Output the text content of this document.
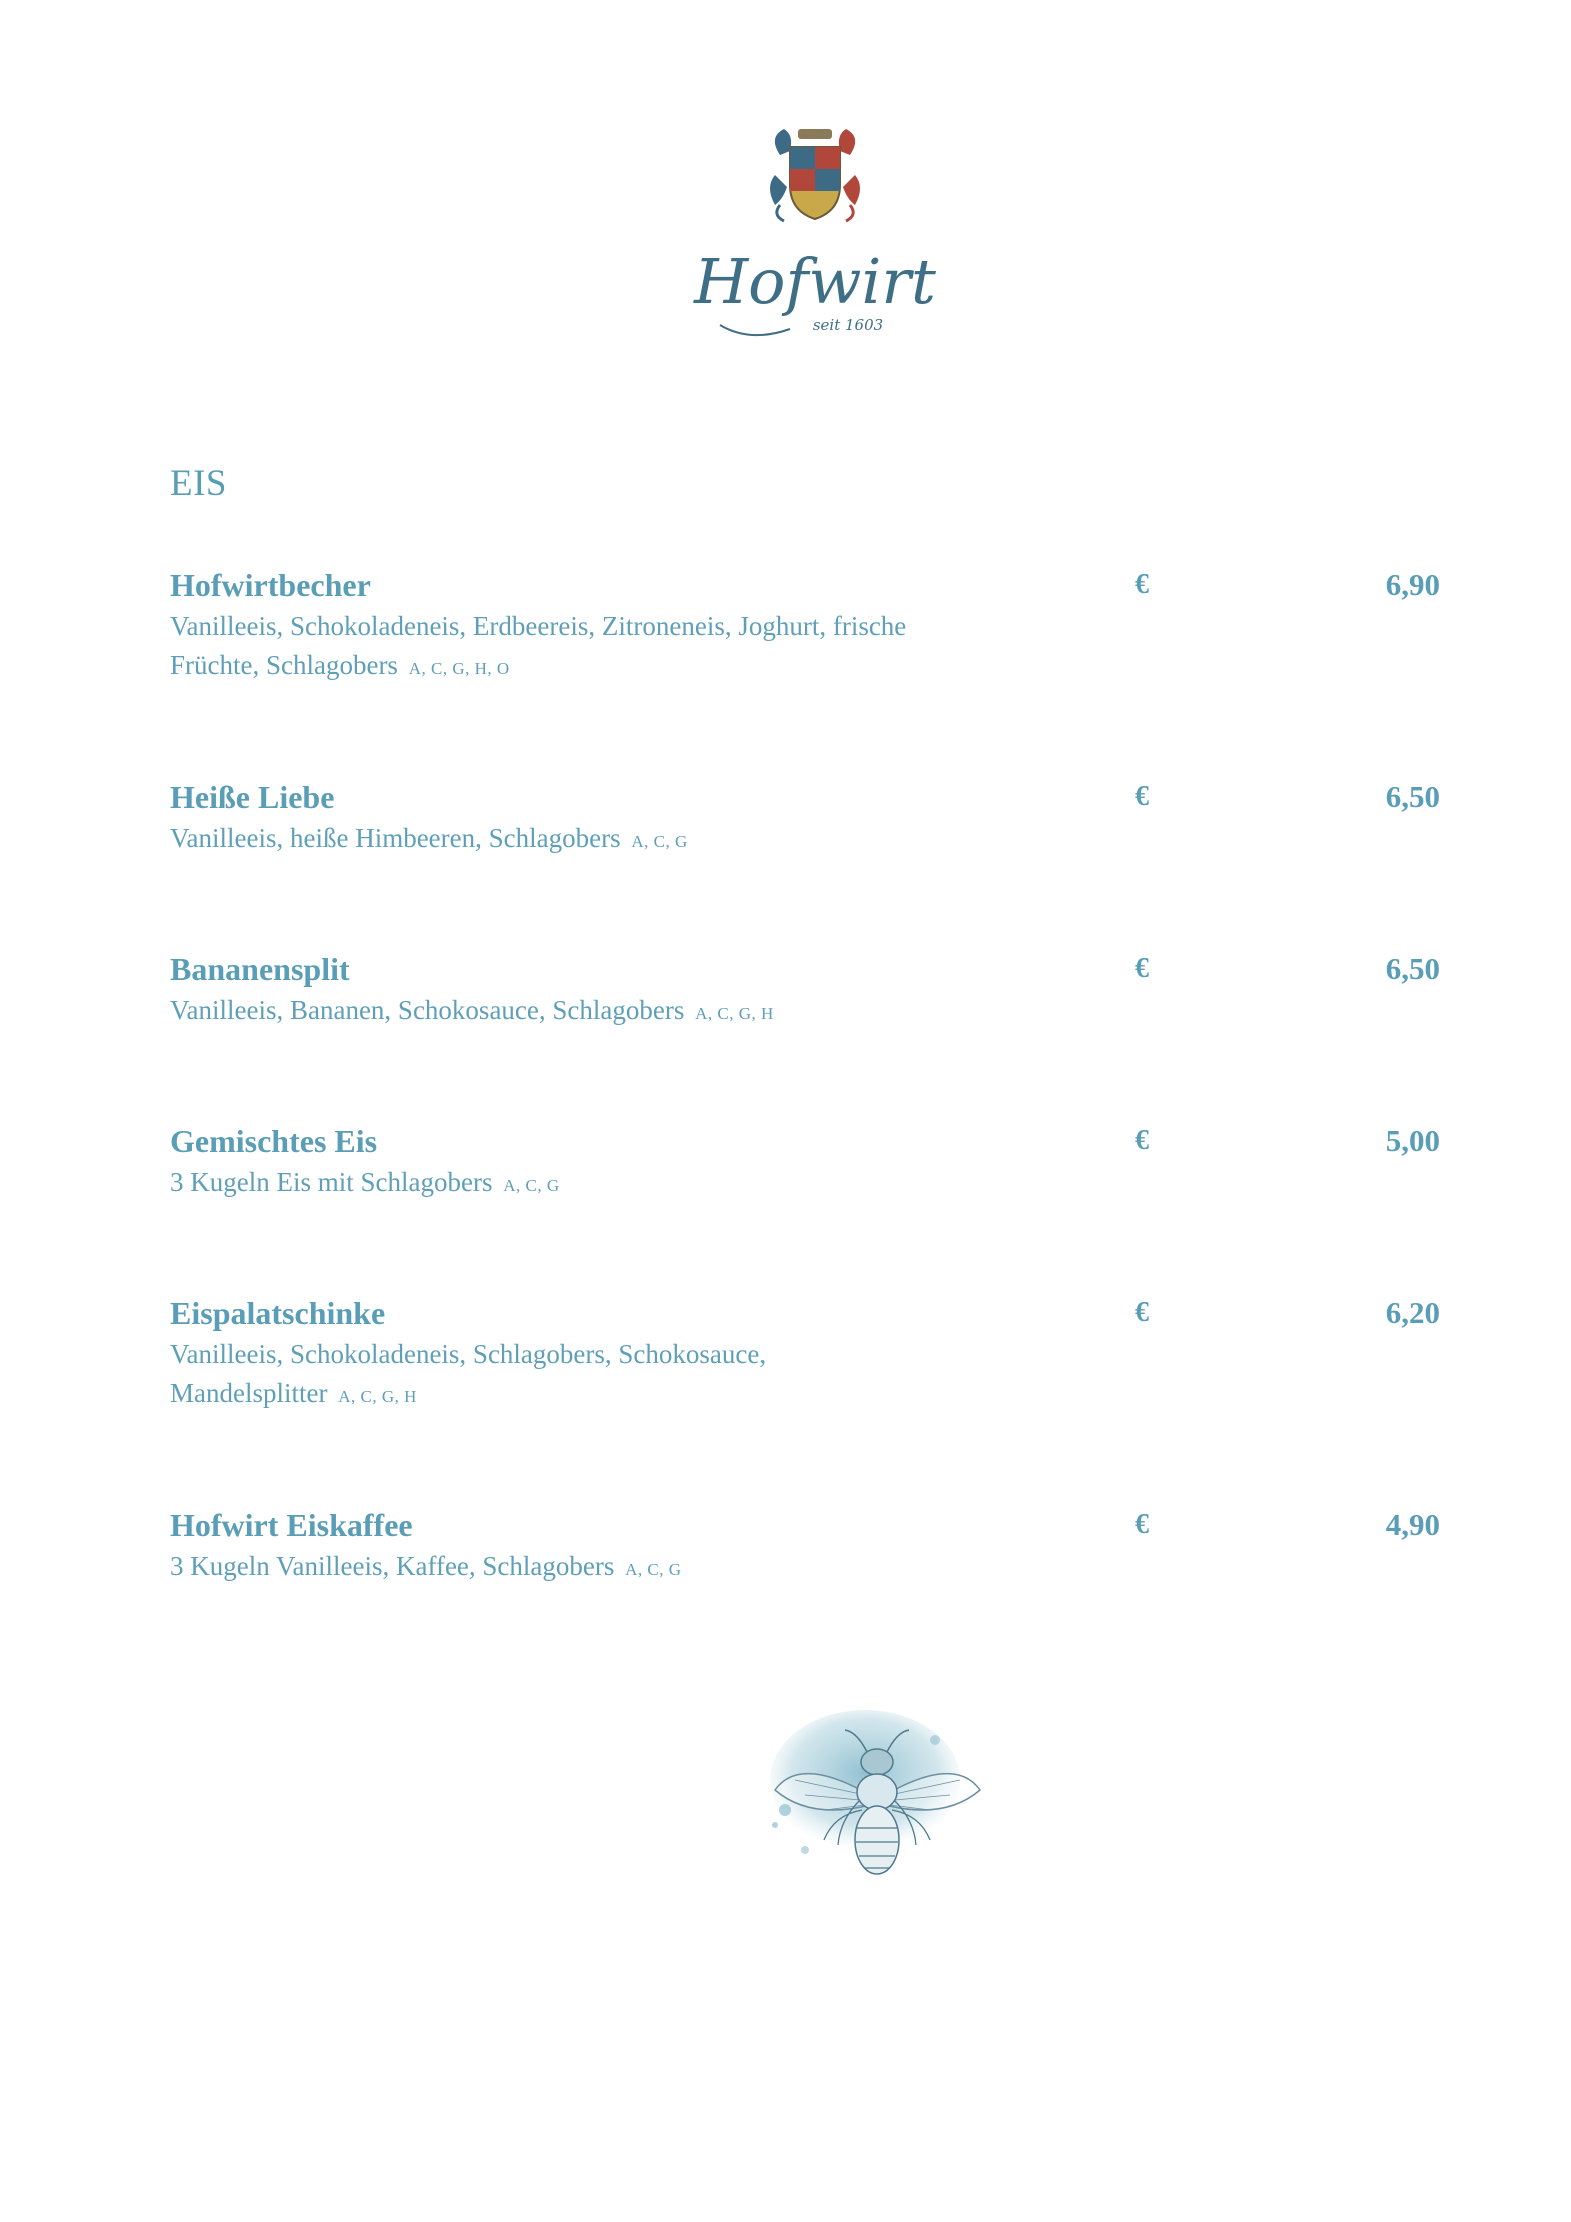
Hofwirt
seit 1603
EIS
Hofwirtbecher	€	6,90
Vanilleeis, Schokoladeneis, Erdbeereis, Zitroneneis, Joghurt, frische Früchte, Schlagobers A, C, G, H, O
Heiße Liebe	€	6,50
Vanilleeis, heiße Himbeeren, Schlagobers A, C, G
Bananensplit	€	6,50
Vanilleeis, Bananen, Schokosauce, Schlagobers A, C, G, H
Gemischtes Eis	€	5,00
3 Kugeln Eis mit Schlagobers A, C, G
Eispalatschinke	€	6,20
Vanilleeis, Schokoladeneis, Schlagobers, Schokosauce, Mandelsplitter A, C, G, H
Hofwirt Eiskaffee	€	4,90
3 Kugeln Vanilleeis, Kaffee, Schlagobers A, C, G
